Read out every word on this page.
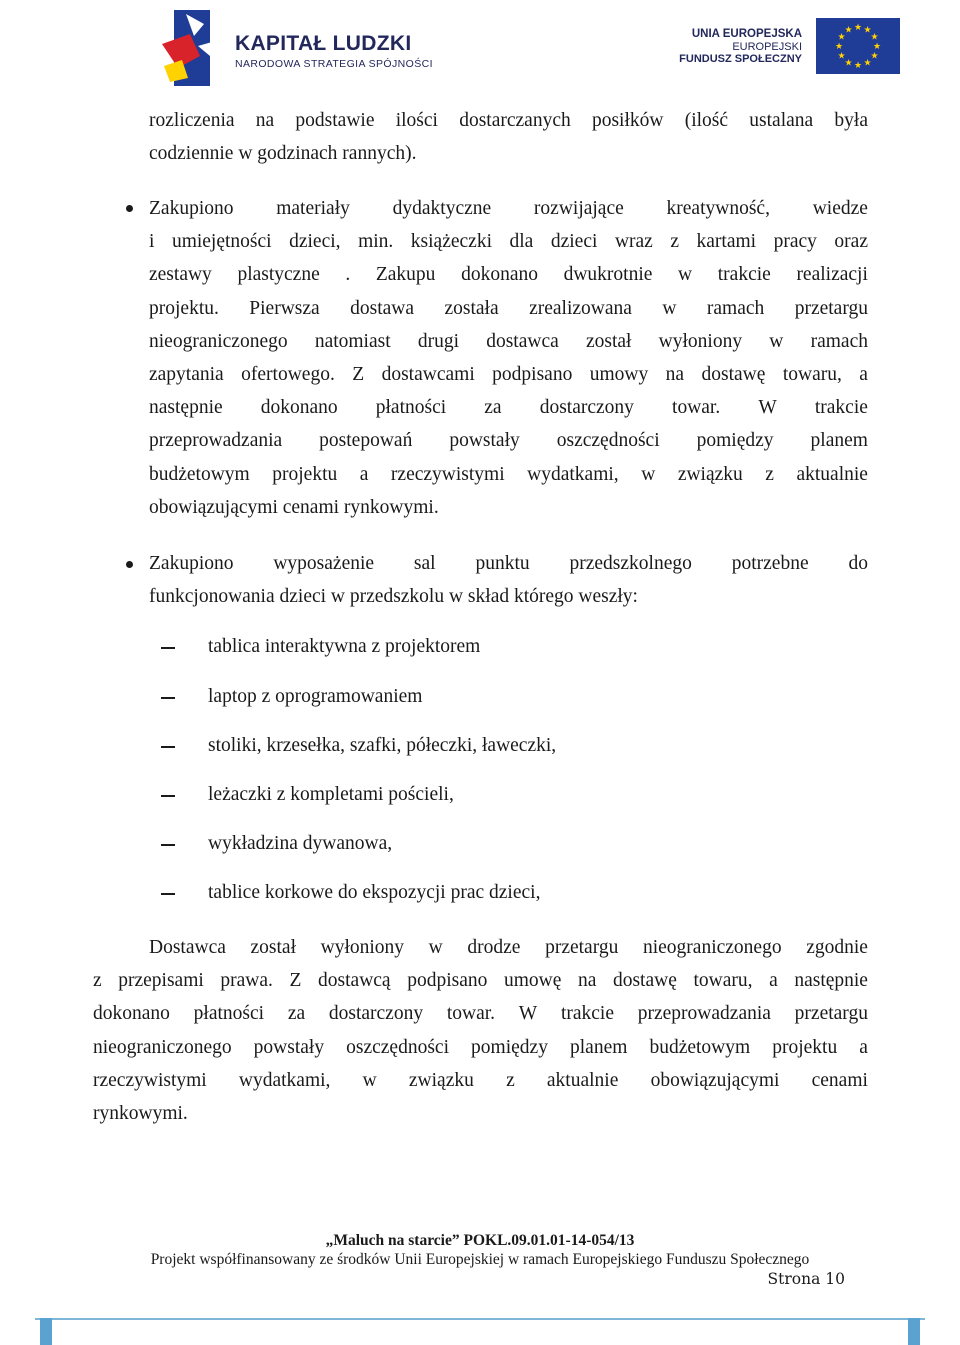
KAPITAŁ LUDZKI
NARODOWA STRATEGIA SPÓJNOŚCI
UNIA EUROPEJSKA
EUROPEJSKI
FUNDUSZ SPOŁECZNY
★ ★
★
★
★
★
★
★
★
★
★
★
rozliczenia na podstawie ilości dostarczanych posiłków (ilość ustalana była
codziennie w godzinach rannych).
Zakupiono materiały dydaktyczne rozwijające kreatywność, wiedze
i umiejętności dzieci, min. książeczki dla dzieci wraz z kartami pracy oraz
zestawy plastyczne . Zakupu dokonano dwukrotnie w trakcie realizacji
projektu. Pierwsza dostawa została zrealizowana w ramach przetargu
nieograniczonego natomiast drugi dostawca został wyłoniony w ramach
zapytania ofertowego. Z dostawcami podpisano umowy na dostawę towaru, a
następnie dokonano płatności za dostarczony towar. W trakcie
przeprowadzania postepowań powstały oszczędności pomiędzy planem
budżetowym projektu a rzeczywistymi wydatkami, w związku z aktualnie
obowiązującymi cenami rynkowymi.
Zakupiono wyposażenie sal punktu przedszkolnego potrzebne do
funkcjonowania dzieci w przedszkolu w skład którego weszły:
tablica interaktywna z projektorem
laptop z oprogramowaniem
stoliki, krzesełka, szafki, półeczki, ławeczki,
leżaczki z kompletami pościeli,
wykładzina dywanowa,
tablice korkowe do ekspozycji prac dzieci,
Dostawca został wyłoniony w drodze przetargu nieograniczonego zgodnie
z przepisami prawa. Z dostawcą podpisano umowę na dostawę towaru, a następnie
dokonano płatności za dostarczony towar. W trakcie przeprowadzania przetargu
nieograniczonego powstały oszczędności pomiędzy planem budżetowym projektu a
rzeczywistymi wydatkami, w związku z aktualnie obowiązującymi cenami
rynkowymi.
„Maluch na starcie” POKL.09.01.01-14-054/13
Projekt współfinansowany ze środków Unii Europejskiej w ramach Europejskiego Funduszu Społecznego
Strona 10
